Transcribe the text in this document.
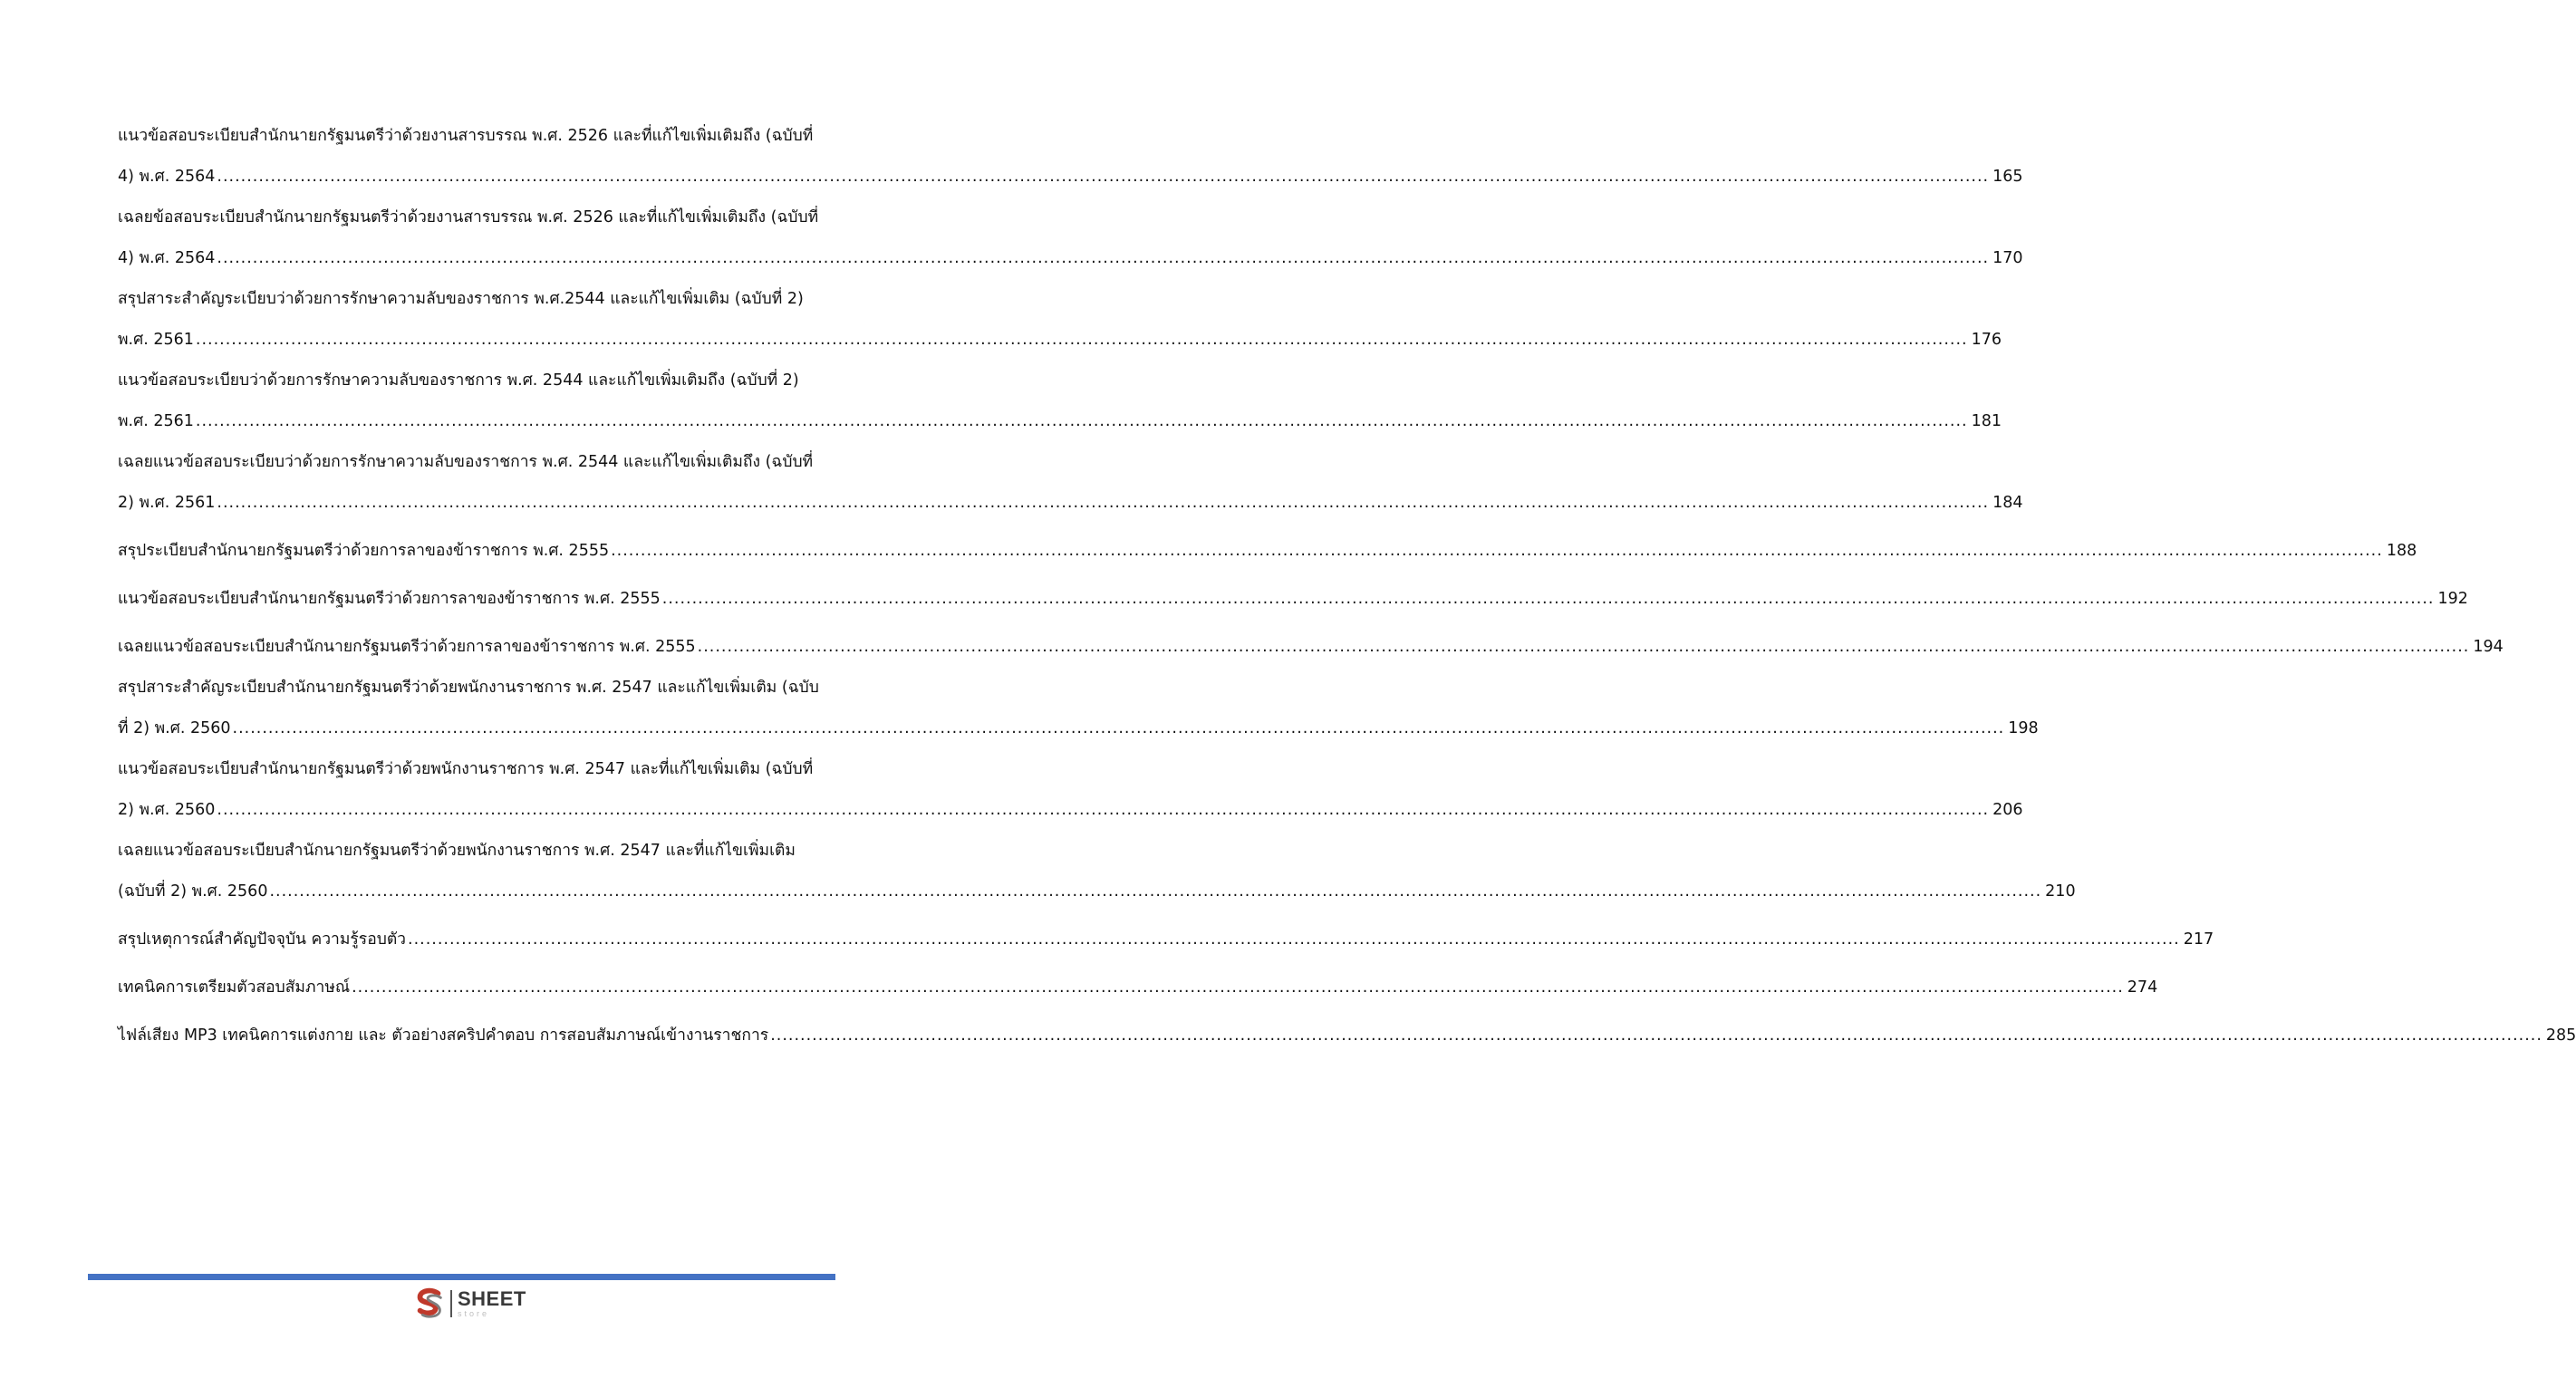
แนวข้อสอบระเบียบสำนักนายกรัฐมนตรีว่าด้วยงานสารบรรณ พ.ศ. 2526 และที่แก้ไขเพิ่มเติมถึง (ฉบับที่
4) พ.ศ. 2564 .....	165
เฉลยข้อสอบระเบียบสำนักนายกรัฐมนตรีว่าด้วยงานสารบรรณ พ.ศ. 2526 และที่แก้ไขเพิ่มเติมถึง (ฉบับที่
4) พ.ศ. 2564 .....	170
สรุปสาระสำคัญระเบียบว่าด้วยการรักษาความลับของราชการ พ.ศ.2544 และแก้ไขเพิ่มเติม (ฉบับที่ 2)
พ.ศ. 2561 .....	176
แนวข้อสอบระเบียบว่าด้วยการรักษาความลับของราชการ พ.ศ. 2544 และแก้ไขเพิ่มเติมถึง (ฉบับที่ 2)
พ.ศ. 2561 .....	181
เฉลยแนวข้อสอบระเบียบว่าด้วยการรักษาความลับของราชการ พ.ศ. 2544 และแก้ไขเพิ่มเติมถึง (ฉบับที่
2) พ.ศ. 2561 .....	184
สรุประเบียบสำนักนายกรัฐมนตรีว่าด้วยการลาของข้าราชการ พ.ศ. 2555 .....	188
แนวข้อสอบระเบียบสำนักนายกรัฐมนตรีว่าด้วยการลาของข้าราชการ พ.ศ. 2555 .....	192
เฉลยแนวข้อสอบระเบียบสำนักนายกรัฐมนตรีว่าด้วยการลาของข้าราชการ พ.ศ. 2555 .....	194
สรุปสาระสำคัญระเบียบสำนักนายกรัฐมนตรีว่าด้วยพนักงานราชการ พ.ศ. 2547 และแก้ไขเพิ่มเติม (ฉบับ
ที่ 2) พ.ศ. 2560 .....	198
แนวข้อสอบระเบียบสำนักนายกรัฐมนตรีว่าด้วยพนักงานราชการ พ.ศ. 2547 และที่แก้ไขเพิ่มเติม (ฉบับที่
2) พ.ศ. 2560 .....	206
เฉลยแนวข้อสอบระเบียบสำนักนายกรัฐมนตรีว่าด้วยพนักงานราชการ พ.ศ. 2547 และที่แก้ไขเพิ่มเติม
(ฉบับที่ 2) พ.ศ. 2560 .....	210
สรุปเหตุการณ์สำคัญปัจจุบัน ความรู้รอบตัว .....	217
เทคนิคการเตรียมตัวสอบสัมภาษณ์ .....	274
ไฟล์เสียง MP3 เทคนิคการแต่งกาย และ ตัวอย่างสคริปคำตอบ การสอบสัมภาษณ์เข้างานราชการ .....	285
SHEET
store
